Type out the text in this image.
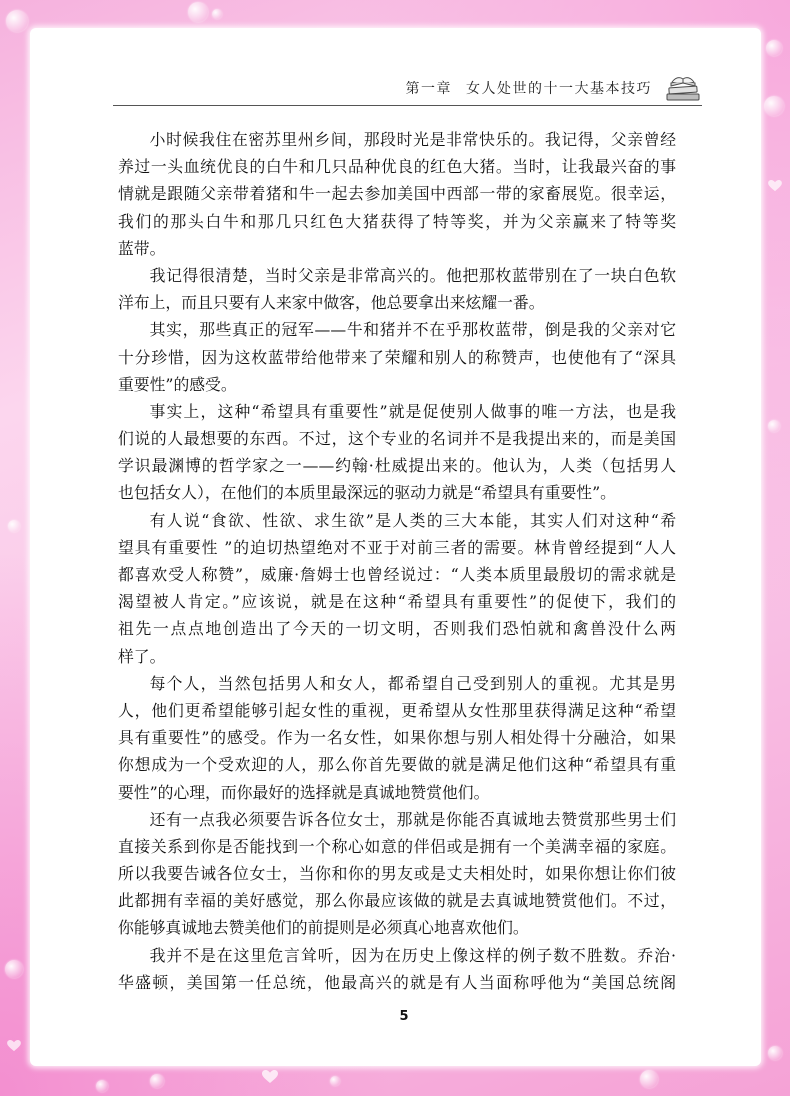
第一章 女人处世的十一大基本技巧
小时候我住在密苏里州乡间，那段时光是非常快乐的。我记得，父亲曾经
养过一头血统优良的白牛和几只品种优良的红色大猪。当时，让我最兴奋的事
情就是跟随父亲带着猪和牛一起去参加美国中西部一带的家畜展览。很幸运，
我们的那头白牛和那几只红色大猪获得了特等奖，并为父亲赢来了特等奖
蓝带。
我记得很清楚，当时父亲是非常高兴的。他把那枚蓝带别在了一块白色软
洋布上，而且只要有人来家中做客，他总要拿出来炫耀一番。
其实，那些真正的冠军——牛和猪并不在乎那枚蓝带，倒是我的父亲对它
十分珍惜，因为这枚蓝带给他带来了荣耀和别人的称赞声，也使他有了“深具
重要性”的感受。
事实上，这种“希望具有重要性”就是促使别人做事的唯一方法，也是我
们说的人最想要的东西。不过，这个专业的名词并不是我提出来的，而是美国
学识最渊博的哲学家之一——约翰·杜威提出来的。他认为，人类（包括男人
也包括女人），在他们的本质里最深远的驱动力就是“希望具有重要性”。
有人说“食欲、性欲、求生欲”是人类的三大本能，其实人们对这种“希
望具有重要性 ”的迫切热望绝对不亚于对前三者的需要。林肯曾经提到“人人
都喜欢受人称赞”，威廉·詹姆士也曾经说过：“人类本质里最殷切的需求就是
渴望被人肯定。”应该说，就是在这种“希望具有重要性”的促使下，我们的
祖先一点点地创造出了今天的一切文明，否则我们恐怕就和禽兽没什么两
样了。
每个人，当然包括男人和女人，都希望自己受到别人的重视。尤其是男
人，他们更希望能够引起女性的重视，更希望从女性那里获得满足这种“希望
具有重要性”的感受。作为一名女性，如果你想与别人相处得十分融洽，如果
你想成为一个受欢迎的人，那么你首先要做的就是满足他们这种“希望具有重
要性”的心理，而你最好的选择就是真诚地赞赏他们。
还有一点我必须要告诉各位女士，那就是你能否真诚地去赞赏那些男士们
直接关系到你是否能找到一个称心如意的伴侣或是拥有一个美满幸福的家庭。
所以我要告诫各位女士，当你和你的男友或是丈夫相处时，如果你想让你们彼
此都拥有幸福的美好感觉，那么你最应该做的就是去真诚地赞赏他们。不过，
你能够真诚地去赞美他们的前提则是必须真心地喜欢他们。
我并不是在这里危言耸听，因为在历史上像这样的例子数不胜数。乔治·
华盛顿，美国第一任总统，他最高兴的就是有人当面称呼他为“美国总统阁
5
